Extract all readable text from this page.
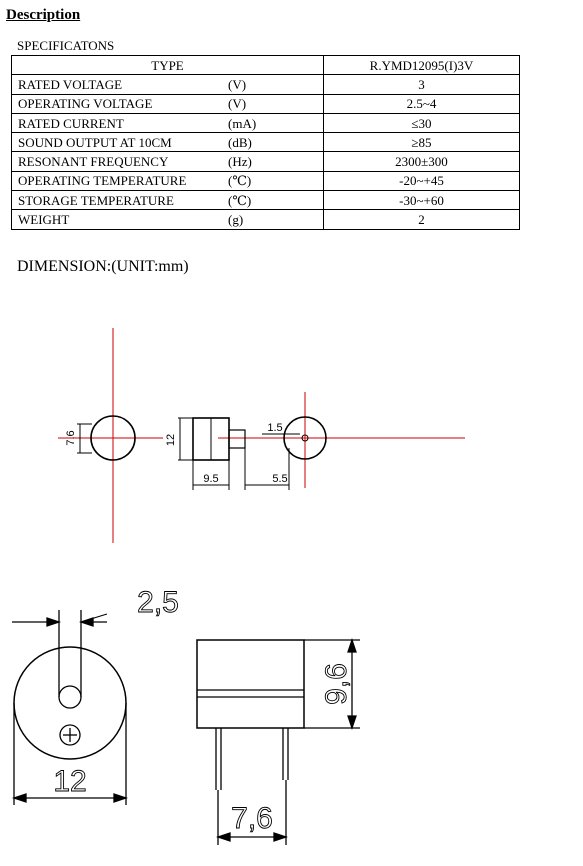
Description
SPECIFICATONS
TYPE	R.YMD12095(I)3V
RATED VOLTAGE (V)	3
OPERATING VOLTAGE (V)	2.5~4
RATED CURRENT (mA)	≤30
SOUND OUTPUT AT 10CM (dB)	≥85
RESONANT FREQUENCY (Hz)	2300±300
OPERATING TEMPERATURE (℃)	-20~+45
STORAGE TEMPERATURE (℃)	-30~+60
WEIGHT (g)	2
DIMENSION:(UNIT:mm)
7.6	12
9.5	5.5
1.5
2,5
12
9,6
7,6
